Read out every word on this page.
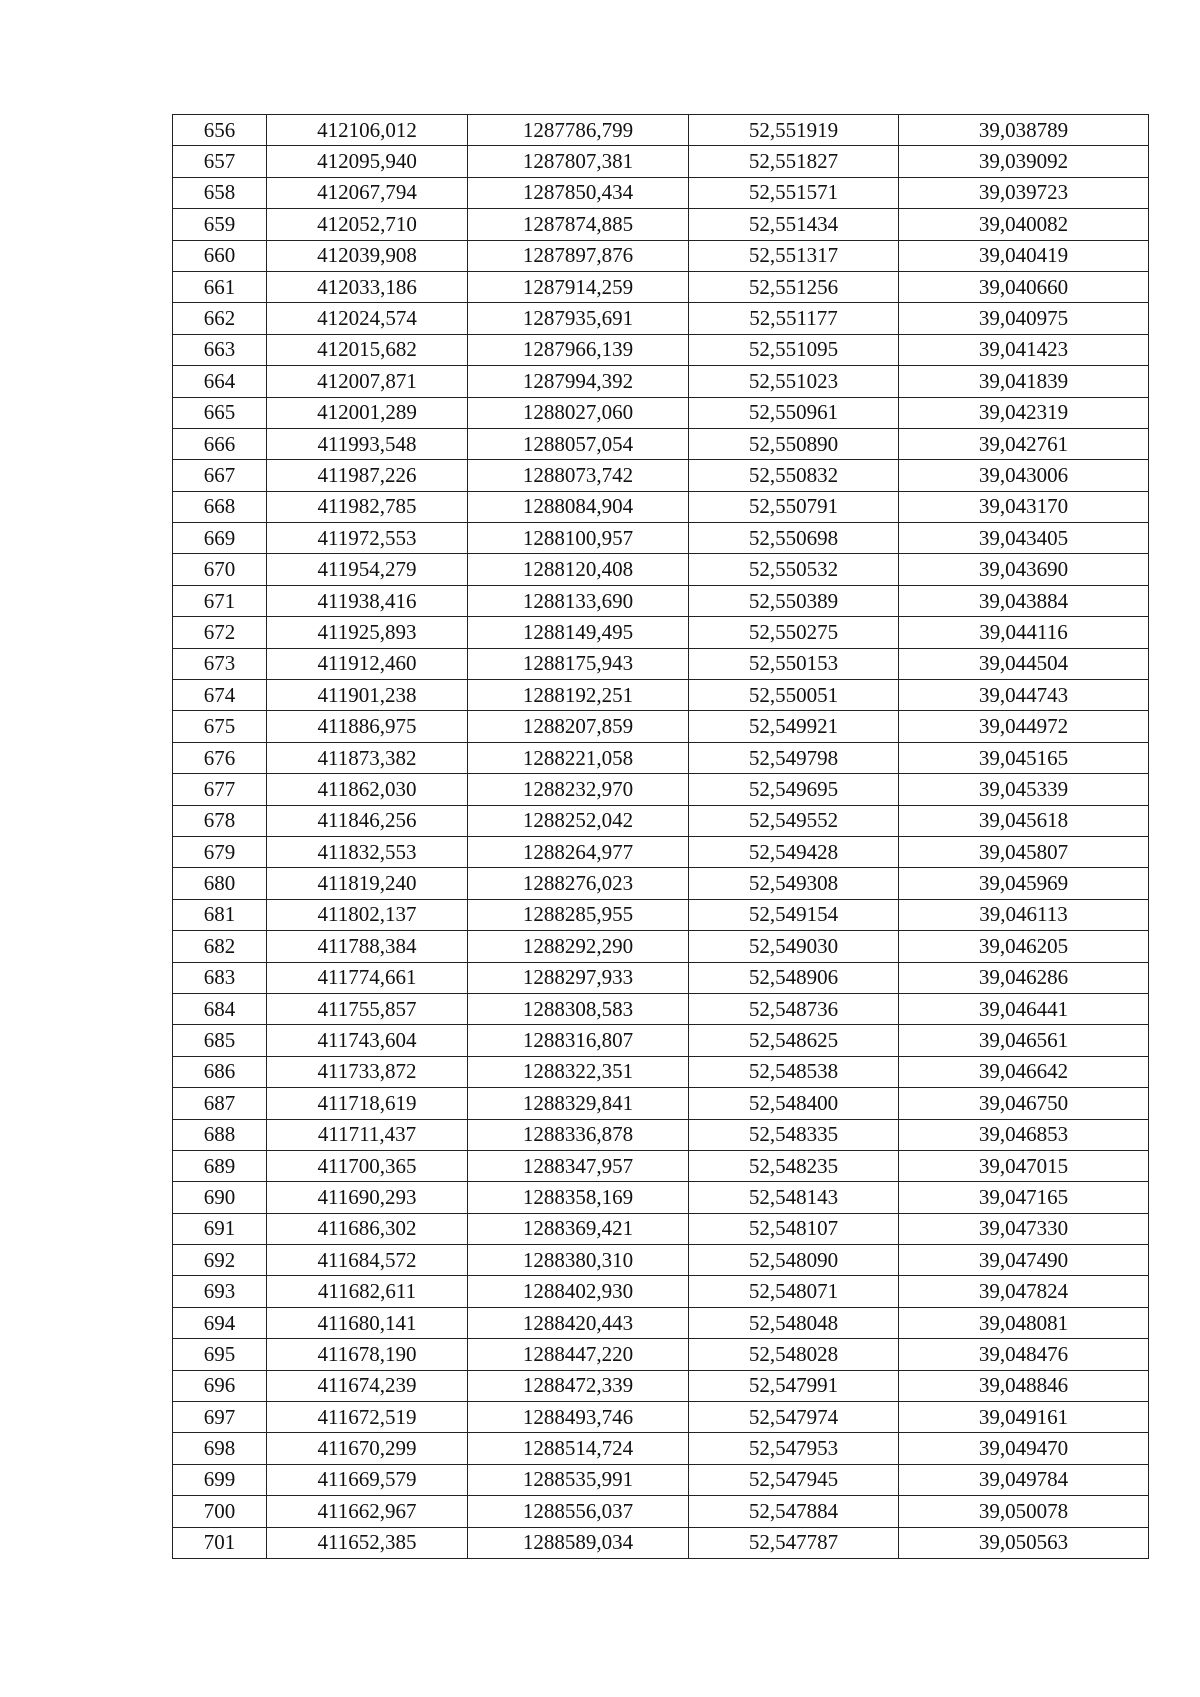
656	412106,012	1287786,799	52,551919	39,038789
657	412095,940	1287807,381	52,551827	39,039092
658	412067,794	1287850,434	52,551571	39,039723
659	412052,710	1287874,885	52,551434	39,040082
660	412039,908	1287897,876	52,551317	39,040419
661	412033,186	1287914,259	52,551256	39,040660
662	412024,574	1287935,691	52,551177	39,040975
663	412015,682	1287966,139	52,551095	39,041423
664	412007,871	1287994,392	52,551023	39,041839
665	412001,289	1288027,060	52,550961	39,042319
666	411993,548	1288057,054	52,550890	39,042761
667	411987,226	1288073,742	52,550832	39,043006
668	411982,785	1288084,904	52,550791	39,043170
669	411972,553	1288100,957	52,550698	39,043405
670	411954,279	1288120,408	52,550532	39,043690
671	411938,416	1288133,690	52,550389	39,043884
672	411925,893	1288149,495	52,550275	39,044116
673	411912,460	1288175,943	52,550153	39,044504
674	411901,238	1288192,251	52,550051	39,044743
675	411886,975	1288207,859	52,549921	39,044972
676	411873,382	1288221,058	52,549798	39,045165
677	411862,030	1288232,970	52,549695	39,045339
678	411846,256	1288252,042	52,549552	39,045618
679	411832,553	1288264,977	52,549428	39,045807
680	411819,240	1288276,023	52,549308	39,045969
681	411802,137	1288285,955	52,549154	39,046113
682	411788,384	1288292,290	52,549030	39,046205
683	411774,661	1288297,933	52,548906	39,046286
684	411755,857	1288308,583	52,548736	39,046441
685	411743,604	1288316,807	52,548625	39,046561
686	411733,872	1288322,351	52,548538	39,046642
687	411718,619	1288329,841	52,548400	39,046750
688	411711,437	1288336,878	52,548335	39,046853
689	411700,365	1288347,957	52,548235	39,047015
690	411690,293	1288358,169	52,548143	39,047165
691	411686,302	1288369,421	52,548107	39,047330
692	411684,572	1288380,310	52,548090	39,047490
693	411682,611	1288402,930	52,548071	39,047824
694	411680,141	1288420,443	52,548048	39,048081
695	411678,190	1288447,220	52,548028	39,048476
696	411674,239	1288472,339	52,547991	39,048846
697	411672,519	1288493,746	52,547974	39,049161
698	411670,299	1288514,724	52,547953	39,049470
699	411669,579	1288535,991	52,547945	39,049784
700	411662,967	1288556,037	52,547884	39,050078
701	411652,385	1288589,034	52,547787	39,050563
